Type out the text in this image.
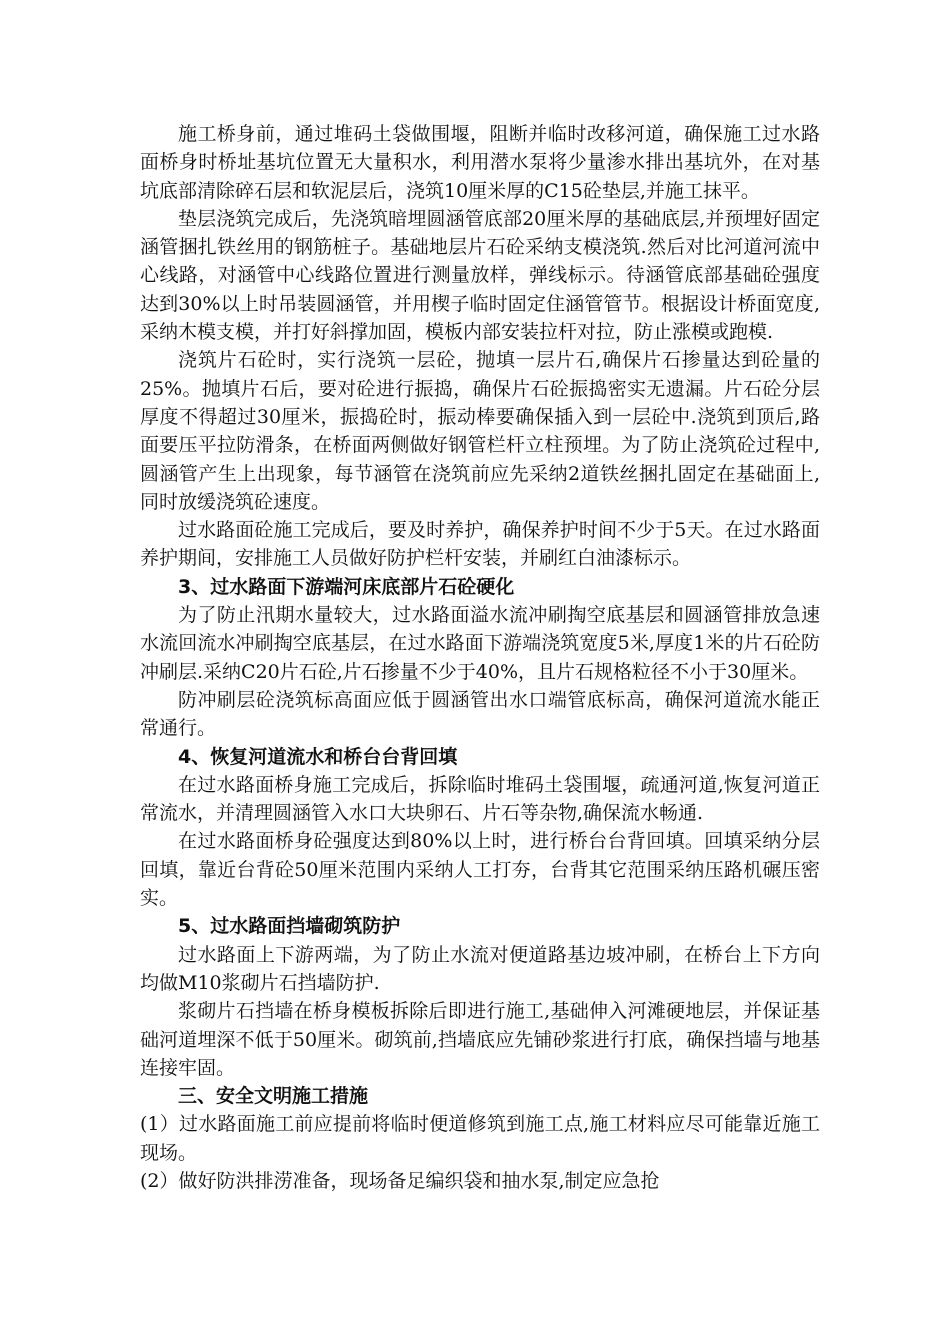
施工桥身前，通过堆码土袋做围堰，阻断并临时改移河道，确保施工过水路面桥身时桥址基坑位置无大量积水，利用潜水泵将少量渗水排出基坑外，在对基坑底部清除碎石层和软泥层后，浇筑10厘米厚的C15砼垫层,并施工抹平。

垫层浇筑完成后，先浇筑暗埋圆涵管底部20厘米厚的基础底层,并预埋好固定涵管捆扎铁丝用的钢筋桩子。基础地层片石砼采纳支模浇筑.然后对比河道河流中心线路，对涵管中心线路位置进行测量放样，弹线标示。待涵管底部基础砼强度达到30%以上时吊装圆涵管，并用楔子临时固定住涵管管节。根据设计桥面宽度,采纳木模支模，并打好斜撑加固，模板内部安装拉杆对拉，防止涨模或跑模.

浇筑片石砼时，实行浇筑一层砼，抛填一层片石,确保片石掺量达到砼量的25%。抛填片石后，要对砼进行振捣，确保片石砼振捣密实无遗漏。片石砼分层厚度不得超过30厘米，振捣砼时，振动棒要确保插入到一层砼中.浇筑到顶后,路面要压平拉防滑条，在桥面两侧做好钢管栏杆立柱预埋。为了防止浇筑砼过程中,圆涵管产生上出现象，每节涵管在浇筑前应先采纳2道铁丝捆扎固定在基础面上,同时放缓浇筑砼速度。

过水路面砼施工完成后，要及时养护，确保养护时间不少于5天。在过水路面养护期间，安排施工人员做好防护栏杆安装，并刷红白油漆标示。

3、过水路面下游端河床底部片石砼硬化

为了防止汛期水量较大，过水路面溢水流冲刷掏空底基层和圆涵管排放急速水流回流水冲刷掏空底基层，在过水路面下游端浇筑宽度5米,厚度1米的片石砼防冲刷层.采纳C20片石砼,片石掺量不少于40%，且片石规格粒径不小于30厘米。

防冲刷层砼浇筑标高面应低于圆涵管出水口端管底标高，确保河道流水能正常通行。

4、恢复河道流水和桥台台背回填

在过水路面桥身施工完成后，拆除临时堆码土袋围堰，疏通河道,恢复河道正常流水，并清理圆涵管入水口大块卵石、片石等杂物,确保流水畅通.

在过水路面桥身砼强度达到80%以上时，进行桥台台背回填。回填采纳分层回填，靠近台背砼50厘米范围内采纳人工打夯，台背其它范围采纳压路机碾压密实。

5、过水路面挡墙砌筑防护

过水路面上下游两端，为了防止水流对便道路基边坡冲刷，在桥台上下方向均做M10浆砌片石挡墙防护.

浆砌片石挡墙在桥身模板拆除后即进行施工,基础伸入河滩硬地层，并保证基础河道埋深不低于50厘米。砌筑前,挡墙底应先铺砂浆进行打底，确保挡墙与地基连接牢固。

三、安全文明施工措施

(1）过水路面施工前应提前将临时便道修筑到施工点,施工材料应尽可能靠近施工现场。

(2）做好防洪排涝准备，现场备足编织袋和抽水泵,制定应急抢
